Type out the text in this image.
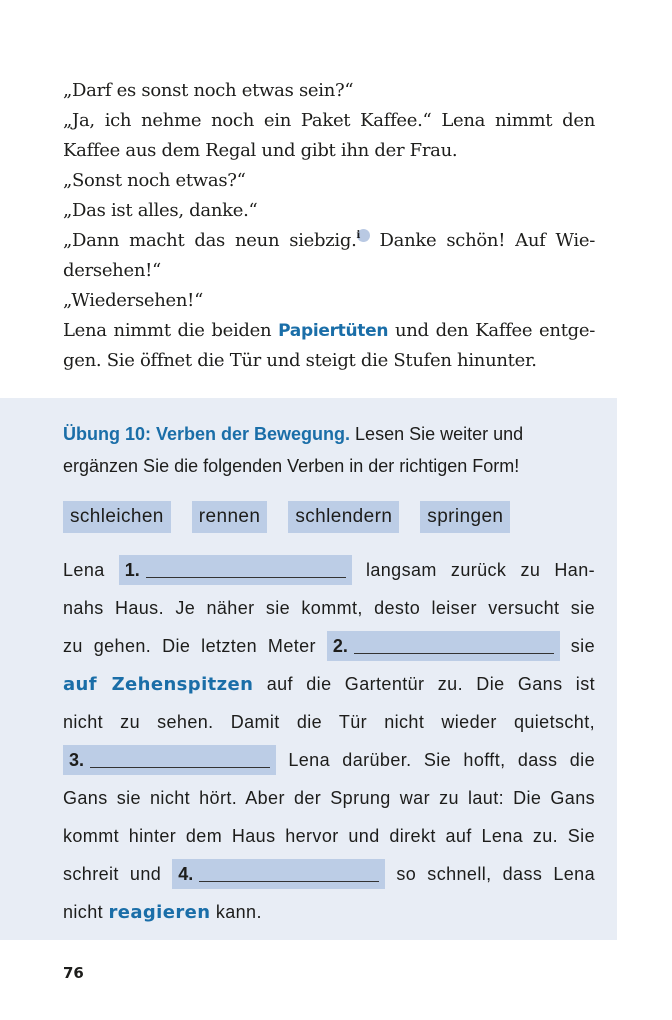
„Darf es sonst noch etwas sein?“
„Ja, ich nehme noch ein Paket Kaffee.“ Lena nimmt den
Kaffee aus dem Regal und gibt ihn der Frau.
„Sonst noch etwas?“
„Das ist alles, danke.“
„Dann macht das neun siebzig.i Danke schön! Auf Wie-
dersehen!“
„Wiedersehen!“
Lena nimmt die beiden Papiertüten und den Kaffee entge-
gen. Sie öffnet die Tür und steigt die Stufen hinunter.
Übung 10: Verben der Bewegung. Lesen Sie weiter und ergänzen Sie die folgenden Verben in der richtigen Form!
schleichen	rennen	schlendern	springen
Lena 1.	langsam zurück zu Han-
nahs Haus. Je näher sie kommt, desto leiser versucht sie
zu gehen. Die letzten Meter 2.	sie
auf Zehenspitzen auf die Gartentür zu. Die Gans ist
nicht zu sehen. Damit die Tür nicht wieder quietscht,
3.	Lena darüber. Sie hofft, dass die
Gans sie nicht hört. Aber der Sprung war zu laut: Die Gans
kommt hinter dem Haus hervor und direkt auf Lena zu. Sie
schreit und 4.	so schnell, dass Lena
nicht reagieren kann.
76
